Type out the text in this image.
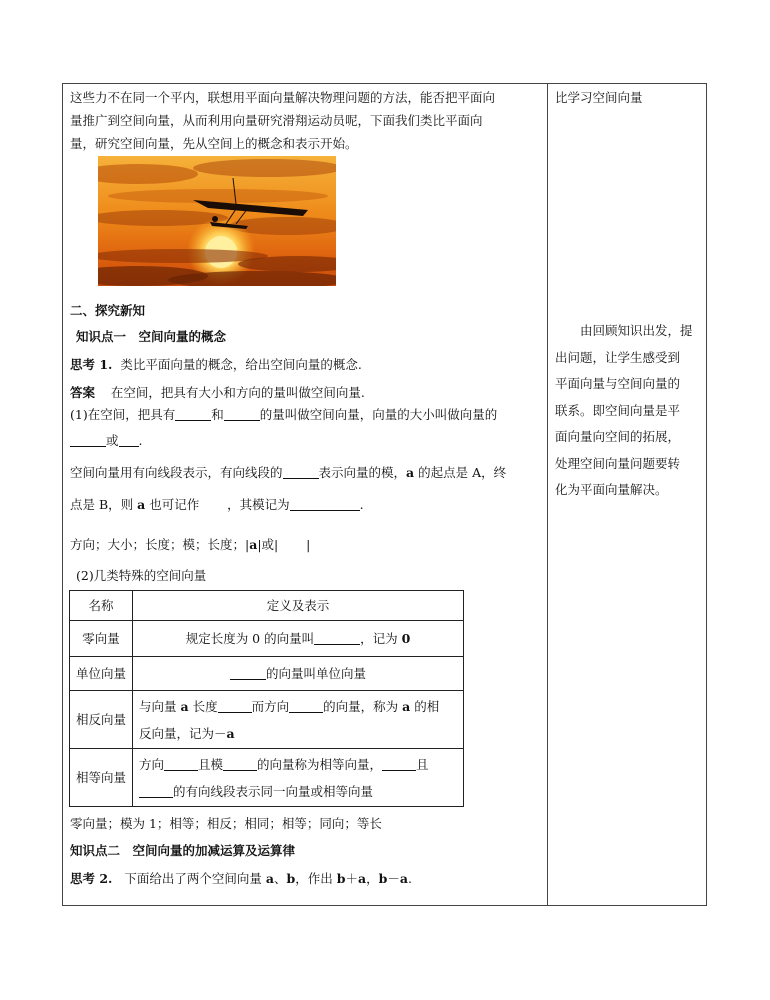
这些力不在同一个平内，联想用平面向量解决物理问题的方法，能否把平面向
量推广到空间向量，从而利用向量研究滑翔运动员呢，下面我们类比平面向
量，研究空间向量，先从空间上的概念和表示开始。
二、探究新知
知识点一　空间向量的概念
思考 1. 类比平面向量的概念，给出空间向量的概念.
答案 在空间，把具有大小和方向的量叫做空间向量.
(1)在空间，把具有	和	的量叫做空间向量，向量的大小叫做向量的
或 .
空间向量用有向线段表示，有向线段的	表示向量的模，a 的起点是 A，终
点是 B，则 a 也可记作 ，其模记为	.
方向；大小；长度；模；长度；|a|或| |
(2)几类特殊的空间向量
名称	定义及表示
零向量	规定长度为 0 的向量叫 ，记为 0
单位向量	的向量叫单位向量
相反向量	与向量 a 长度 而方向 的向量，称为 a 的相
反向量，记为－a

相等向量	方向 且模 的向量称为相等向量， 且
的有向线段表示同一向量或相等向量
零向量；模为 1；相等；相反；相同；相等；同向；等长
知识点二　空间向量的加减运算及运算律
思考 2. 下面给出了两个空间向量 a、b，作出 b＋a，b－a.
比学习空间向量
　　由回顾知识出发，提
出问题，让学生感受到
平面向量与空间向量的
联系。即空间向量是平
面向量向空间的拓展，
处理空间向量问题要转
化为平面向量解决。
